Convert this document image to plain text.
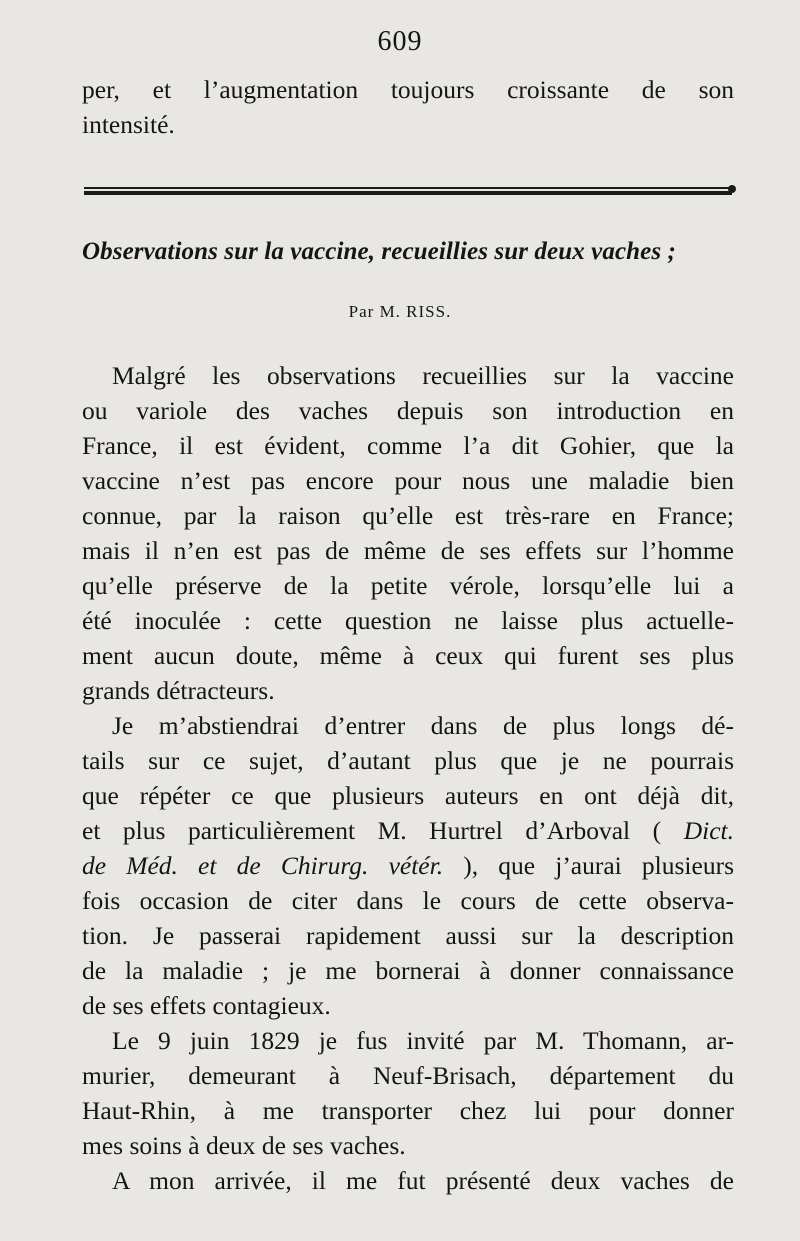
609
per, et l’augmentation toujours croissante de son
intensité.
Observations sur la vaccine, recueillies sur deux vaches ;
Par M. RISS.
Malgré les observations recueillies sur la vaccine
ou variole des vaches depuis son introduction en
France, il est évident, comme l’a dit Gohier, que la
vaccine n’est pas encore pour nous une maladie bien
connue, par la raison qu’elle est très-rare en France;
mais il n’en est pas de même de ses effets sur l’homme
qu’elle préserve de la petite vérole, lorsqu’elle lui a
été inoculée : cette question ne laisse plus actuelle-
ment aucun doute, même à ceux qui furent ses plus
grands détracteurs.
Je m’abstiendrai d’entrer dans de plus longs dé-
tails sur ce sujet, d’autant plus que je ne pourrais
que répéter ce que plusieurs auteurs en ont déjà dit,
et plus particulièrement M. Hurtrel d’Arboval ( Dict.
de Méd. et de Chirurg. vétér. ), que j’aurai plusieurs
fois occasion de citer dans le cours de cette observa-
tion. Je passerai rapidement aussi sur la description
de la maladie ; je me bornerai à donner connaissance
de ses effets contagieux.
Le 9 juin 1829 je fus invité par M. Thomann, ar-
murier, demeurant à Neuf-Brisach, département du
Haut-Rhin, à me transporter chez lui pour donner
mes soins à deux de ses vaches.
A mon arrivée, il me fut présenté deux vaches de
